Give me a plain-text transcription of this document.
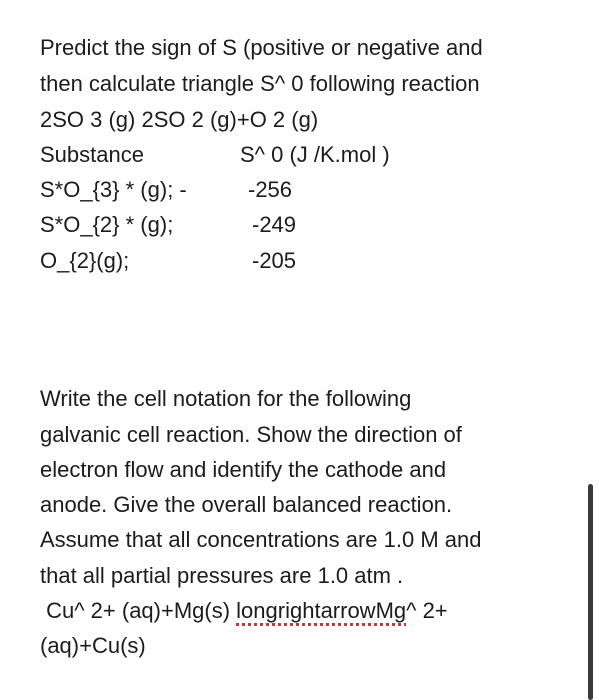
Predict the sign of S (positive or negative and
then calculate triangle S^ 0 following reaction
2SO 3 (g) 2SO 2 (g)+O 2 (g)
Substance	S^ 0 (J /K.mol )
S*O_{3} * (g); -	-256
S*O_{2} * (g);	-249
O_{2}(g);	-205
Write the cell notation for the following
galvanic cell reaction. Show the direction of
electron flow and identify the cathode and
anode. Give the overall balanced reaction.
Assume that all concentrations are 1.0 M and
that all partial pressures are 1.0 atm .
Cu^ 2+ (aq)+Mg(s) longrightarrowMg^ 2+
(aq)+Cu(s)
